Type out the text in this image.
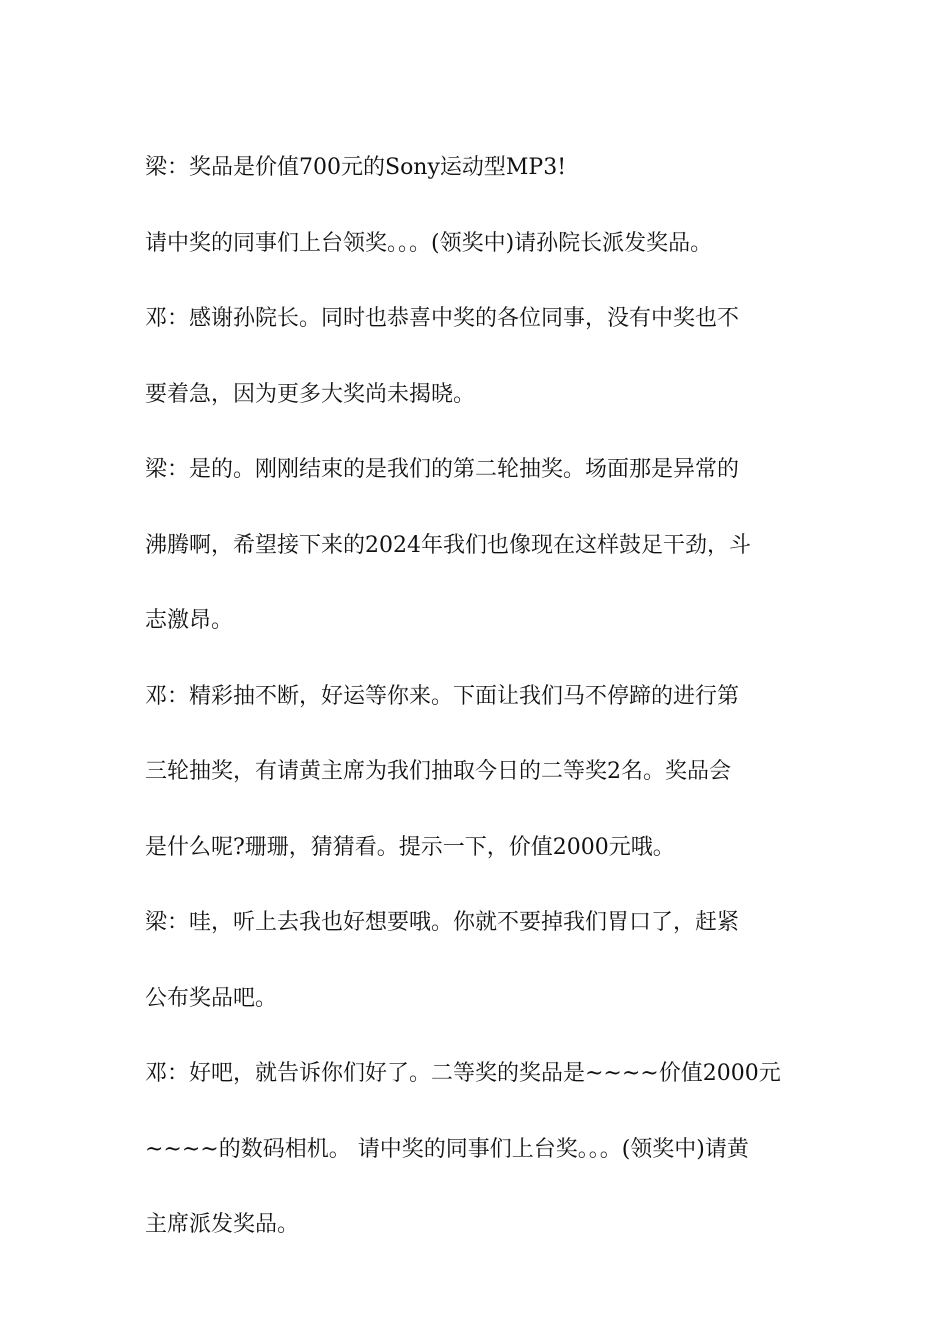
梁：奖品是价值700元的Sony运动型MP3!
请中奖的同事们上台领奖。。。(领奖中)请孙院长派发奖品。
邓：感谢孙院长。同时也恭喜中奖的各位同事，没有中奖也不
要着急，因为更多大奖尚未揭晓。
梁：是的。刚刚结束的是我们的第二轮抽奖。场面那是异常的
沸腾啊，希望接下来的2024年我们也像现在这样鼓足干劲，斗
志激昂。
邓：精彩抽不断，好运等你来。下面让我们马不停蹄的进行第
三轮抽奖，有请黄主席为我们抽取今日的二等奖2名。奖品会
是什么呢?珊珊，猜猜看。提示一下，价值2000元哦。
梁：哇，听上去我也好想要哦。你就不要掉我们胃口了，赶紧
公布奖品吧。
邓：好吧，就告诉你们好了。二等奖的奖品是~~~~价值2000元
~~~~的数码相机。 请中奖的同事们上台奖。。。(领奖中)请黄
主席派发奖品。
